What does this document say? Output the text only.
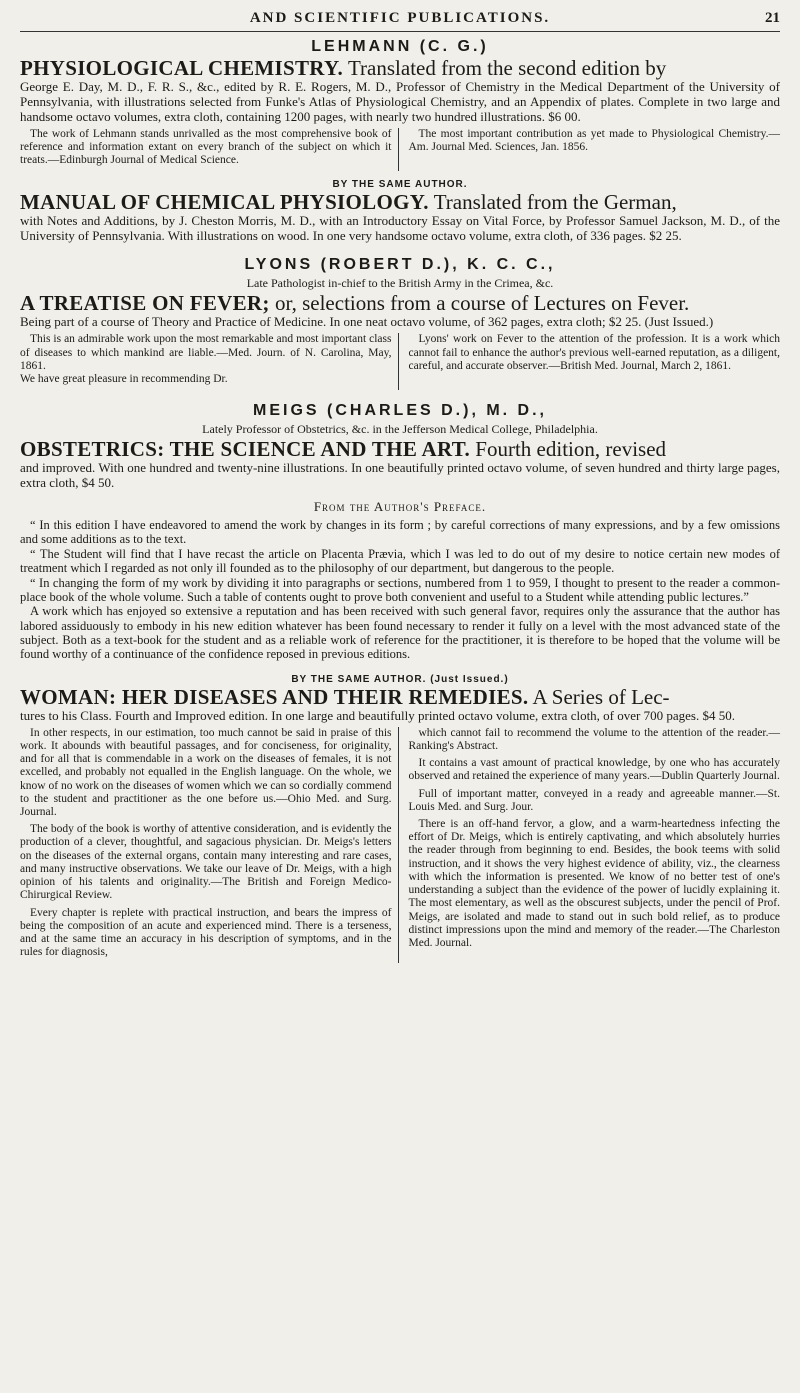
AND SCIENTIFIC PUBLICATIONS.	21
LEHMANN (C. G.)
PHYSIOLOGICAL CHEMISTRY. Translated from the second edition by
George E. Day, M. D., F. R. S., &c., edited by R. E. Rogers, M. D., Professor of Chemistry in the Medical Department of the University of Pennsylvania, with illustrations selected from Funke's Atlas of Physiological Chemistry, and an Appendix of plates. Complete in two large and handsome octavo volumes, extra cloth, containing 1200 pages, with nearly two hundred illustrations. $6 00.

The work of Lehmann stands unrivalled as the most comprehensive book of reference and information extant on every branch of the subject on which it treats.—Edinburgh Journal of Medical Science.

The most important contribution as yet made to Physiological Chemistry.—Am. Journal Med. Sciences, Jan. 1856.

BY THE SAME AUTHOR.
MANUAL OF CHEMICAL PHYSIOLOGY. Translated from the German,
with Notes and Additions, by J. Cheston Morris, M. D., with an Introductory Essay on Vital Force, by Professor Samuel Jackson, M. D., of the University of Pennsylvania. With illustrations on wood. In one very handsome octavo volume, extra cloth, of 336 pages. $2 25.
LYONS (ROBERT D.), K. C. C.,
Late Pathologist in-chief to the British Army in the Crimea, &c.
A TREATISE ON FEVER; or, selections from a course of Lectures on Fever.
Being part of a course of Theory and Practice of Medicine. In one neat octavo volume, of 362 pages, extra cloth; $2 25. (Just Issued.)

This is an admirable work upon the most remarkable and most important class of diseases to which mankind are liable.—Med. Journ. of N. Carolina, May, 1861.
We have great pleasure in recommending Dr.

Lyons' work on Fever to the attention of the profession. It is a work which cannot fail to enhance the author's previous well-earned reputation, as a diligent, careful, and accurate observer.—British Med. Journal, March 2, 1861.

MEIGS (CHARLES D.), M. D.,
Lately Professor of Obstetrics, &c. in the Jefferson Medical College, Philadelphia.
OBSTETRICS: THE SCIENCE AND THE ART. Fourth edition, revised
and improved. With one hundred and twenty-nine illustrations. In one beautifully printed octavo volume, of seven hundred and thirty large pages, extra cloth, $4 50.
From the Author's Preface.

“ In this edition I have endeavored to amend the work by changes in its form ; by careful corrections of many expressions, and by a few omissions and some additions as to the text.

“ The Student will find that I have recast the article on Placenta Prævia, which I was led to do out of my desire to notice certain new modes of treatment which I regarded as not only ill founded as to the philosophy of our department, but dangerous to the people.

“ In changing the form of my work by dividing it into paragraphs or sections, numbered from 1 to 959, I thought to present to the reader a common-place book of the whole volume. Such a table of contents ought to prove both convenient and useful to a Student while attending public lectures.”

A work which has enjoyed so extensive a reputation and has been received with such general favor, requires only the assurance that the author has labored assiduously to embody in his new edition whatever has been found necessary to render it fully on a level with the most advanced state of the subject. Both as a text-book for the student and as a reliable work of reference for the practitioner, it is therefore to be hoped that the volume will be found worthy of a continuance of the confidence reposed in previous editions.

BY THE SAME AUTHOR. (Just Issued.)
WOMAN: HER DISEASES AND THEIR REMEDIES. A Series of Lec-
tures to his Class. Fourth and Improved edition. In one large and beautifully printed octavo volume, extra cloth, of over 700 pages. $4 50.

In other respects, in our estimation, too much cannot be said in praise of this work. It abounds with beautiful passages, and for conciseness, for originality, and for all that is commendable in a work on the diseases of females, it is not excelled, and probably not equalled in the English language. On the whole, we know of no work on the diseases of women which we can so cordially commend to the student and practitioner as the one before us.—Ohio Med. and Surg. Journal.

The body of the book is worthy of attentive consideration, and is evidently the production of a clever, thoughtful, and sagacious physician. Dr. Meigs's letters on the diseases of the external organs, contain many interesting and rare cases, and many instructive observations. We take our leave of Dr. Meigs, with a high opinion of his talents and originality.—The British and Foreign Medico-Chirurgical Review.

Every chapter is replete with practical instruction, and bears the impress of being the composition of an acute and experienced mind. There is a terseness, and at the same time an accuracy in his description of symptoms, and in the rules for diagnosis,

which cannot fail to recommend the volume to the attention of the reader.—Ranking's Abstract.

It contains a vast amount of practical knowledge, by one who has accurately observed and retained the experience of many years.—Dublin Quarterly Journal.

Full of important matter, conveyed in a ready and agreeable manner.—St. Louis Med. and Surg. Jour.

There is an off-hand fervor, a glow, and a warm-heartedness infecting the effort of Dr. Meigs, which is entirely captivating, and which absolutely hurries the reader through from beginning to end. Besides, the book teems with solid instruction, and it shows the very highest evidence of ability, viz., the clearness with which the information is presented. We know of no better test of one's understanding a subject than the evidence of the power of lucidly explaining it. The most elementary, as well as the obscurest subjects, under the pencil of Prof. Meigs, are isolated and made to stand out in such bold relief, as to produce distinct impressions upon the mind and memory of the reader.—The Charleston Med. Journal.
